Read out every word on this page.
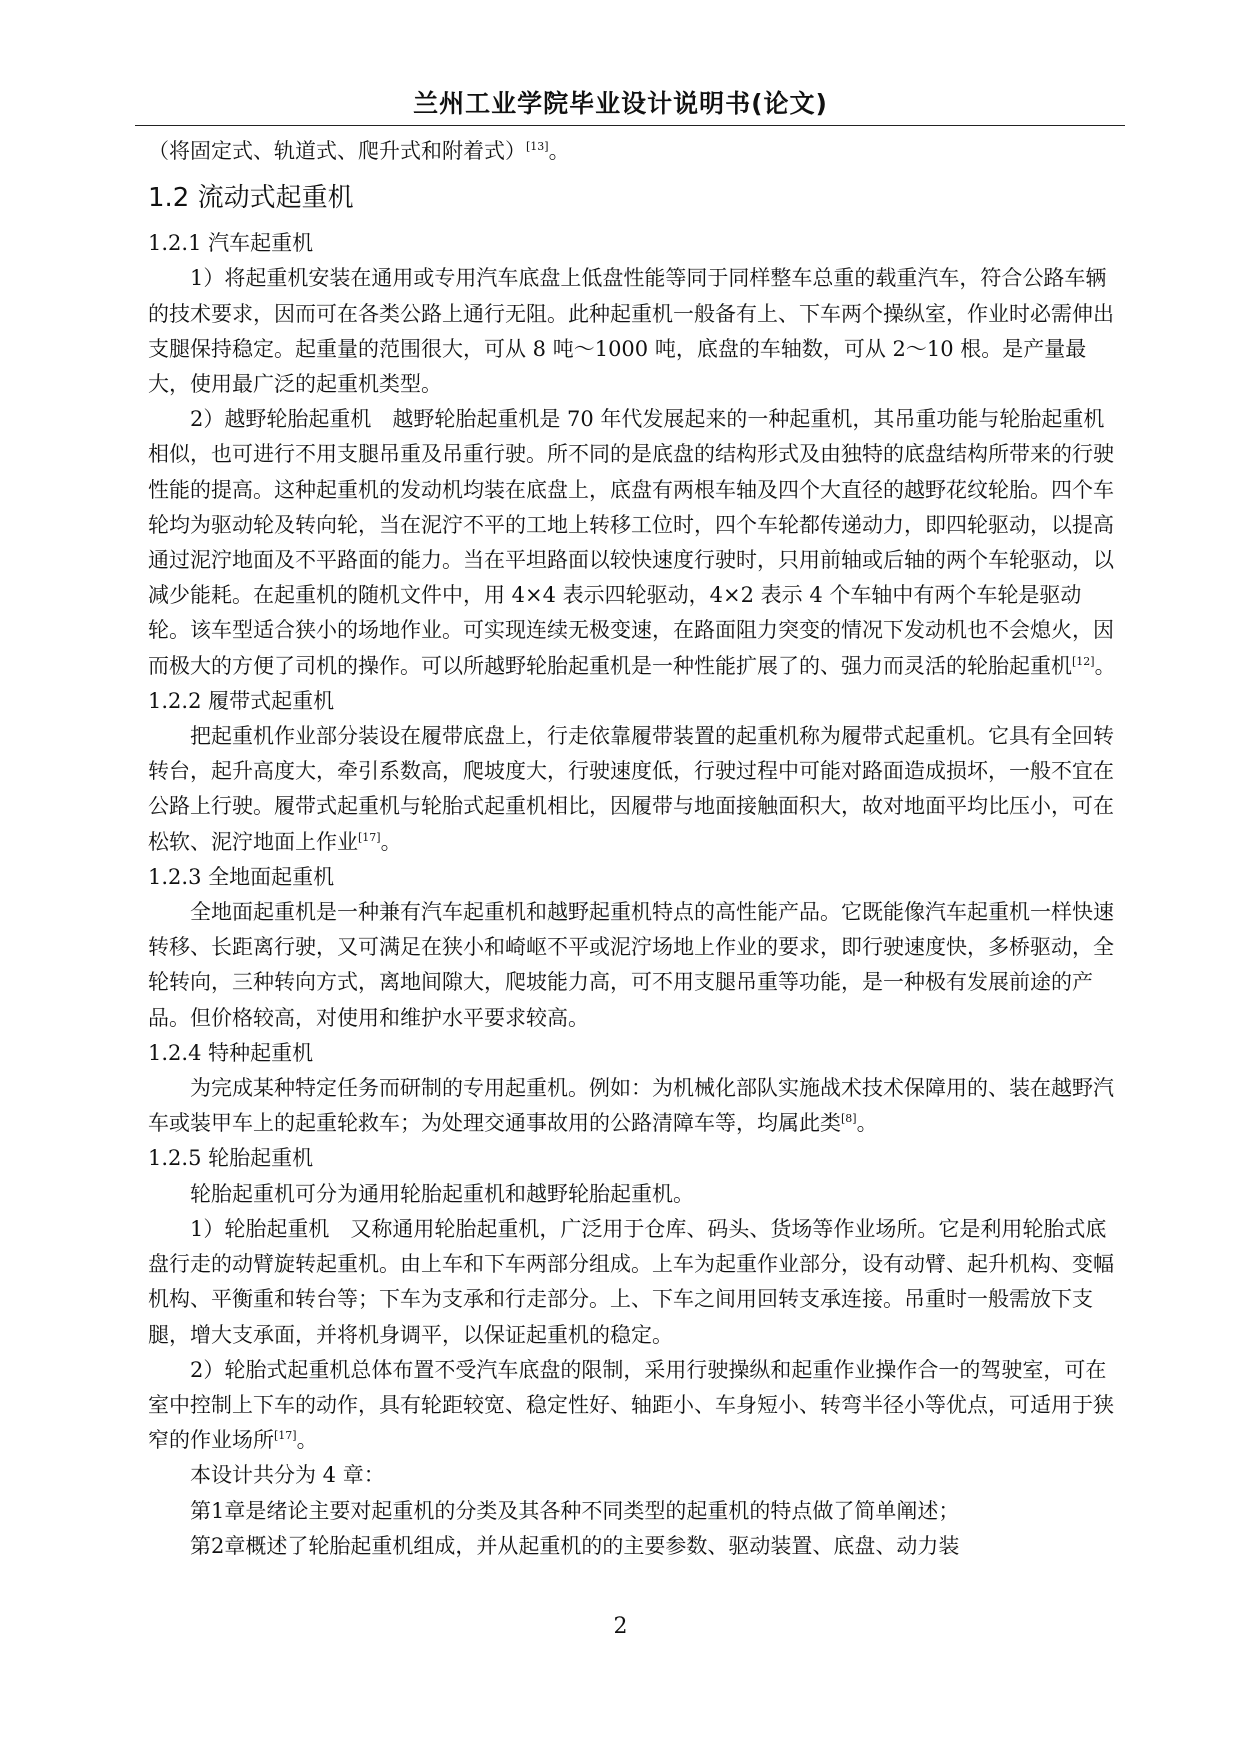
兰州工业学院毕业设计说明书(论文)

（将固定式、轨道式、爬升式和附着式）[13]。

1.2 流动式起重机

1.2.1 汽车起重机

1）将起重机安装在通用或专用汽车底盘上低盘性能等同于同样整车总重的载重汽车，符合公路车辆的技术要求，因而可在各类公路上通行无阻。此种起重机一般备有上、下车两个操纵室，作业时必需伸出支腿保持稳定。起重量的范围很大，可从 8 吨～1000 吨，底盘的车轴数，可从 2～10 根。是产量最大，使用最广泛的起重机类型。

2）越野轮胎起重机　越野轮胎起重机是 70 年代发展起来的一种起重机，其吊重功能与轮胎起重机相似，也可进行不用支腿吊重及吊重行驶。所不同的是底盘的结构形式及由独特的底盘结构所带来的行驶性能的提高。这种起重机的发动机均装在底盘上，底盘有两根车轴及四个大直径的越野花纹轮胎。四个车轮均为驱动轮及转向轮，当在泥泞不平的工地上转移工位时，四个车轮都传递动力，即四轮驱动，以提高通过泥泞地面及不平路面的能力。当在平坦路面以较快速度行驶时，只用前轴或后轴的两个车轮驱动，以减少能耗。在起重机的随机文件中，用 4×4 表示四轮驱动，4×2 表示 4 个车轴中有两个车轮是驱动轮。该车型适合狭小的场地作业。可实现连续无极变速，在路面阻力突变的情况下发动机也不会熄火，因而极大的方便了司机的操作。可以所越野轮胎起重机是一种性能扩展了的、强力而灵活的轮胎起重机[12]。

1.2.2 履带式起重机

把起重机作业部分装设在履带底盘上，行走依靠履带装置的起重机称为履带式起重机。它具有全回转转台，起升高度大，牵引系数高，爬坡度大，行驶速度低，行驶过程中可能对路面造成损坏，一般不宜在公路上行驶。履带式起重机与轮胎式起重机相比，因履带与地面接触面积大，故对地面平均比压小，可在松软、泥泞地面上作业[17]。

1.2.3 全地面起重机

全地面起重机是一种兼有汽车起重机和越野起重机特点的高性能产品。它既能像汽车起重机一样快速转移、长距离行驶，又可满足在狭小和崎岖不平或泥泞场地上作业的要求，即行驶速度快，多桥驱动，全轮转向，三种转向方式，离地间隙大，爬坡能力高，可不用支腿吊重等功能，是一种极有发展前途的产品。但价格较高，对使用和维护水平要求较高。

1.2.4 特种起重机

为完成某种特定任务而研制的专用起重机。例如：为机械化部队实施战术技术保障用的、装在越野汽车或装甲车上的起重轮救车；为处理交通事故用的公路清障车等，均属此类[8]。

1.2.5 轮胎起重机

轮胎起重机可分为通用轮胎起重机和越野轮胎起重机。

1）轮胎起重机　又称通用轮胎起重机，广泛用于仓库、码头、货场等作业场所。它是利用轮胎式底盘行走的动臂旋转起重机。由上车和下车两部分组成。上车为起重作业部分，设有动臂、起升机构、变幅机构、平衡重和转台等；下车为支承和行走部分。上、下车之间用回转支承连接。吊重时一般需放下支腿，增大支承面，并将机身调平，以保证起重机的稳定。

2）轮胎式起重机总体布置不受汽车底盘的限制，采用行驶操纵和起重作业操作合一的驾驶室，可在室中控制上下车的动作，具有轮距较宽、稳定性好、轴距小、车身短小、转弯半径小等优点，可适用于狭窄的作业场所[17]。

本设计共分为 4 章：

第1章是绪论主要对起重机的分类及其各种不同类型的起重机的特点做了简单阐述；

第2章概述了轮胎起重机组成，并从起重机的的主要参数、驱动装置、底盘、动力装

2
